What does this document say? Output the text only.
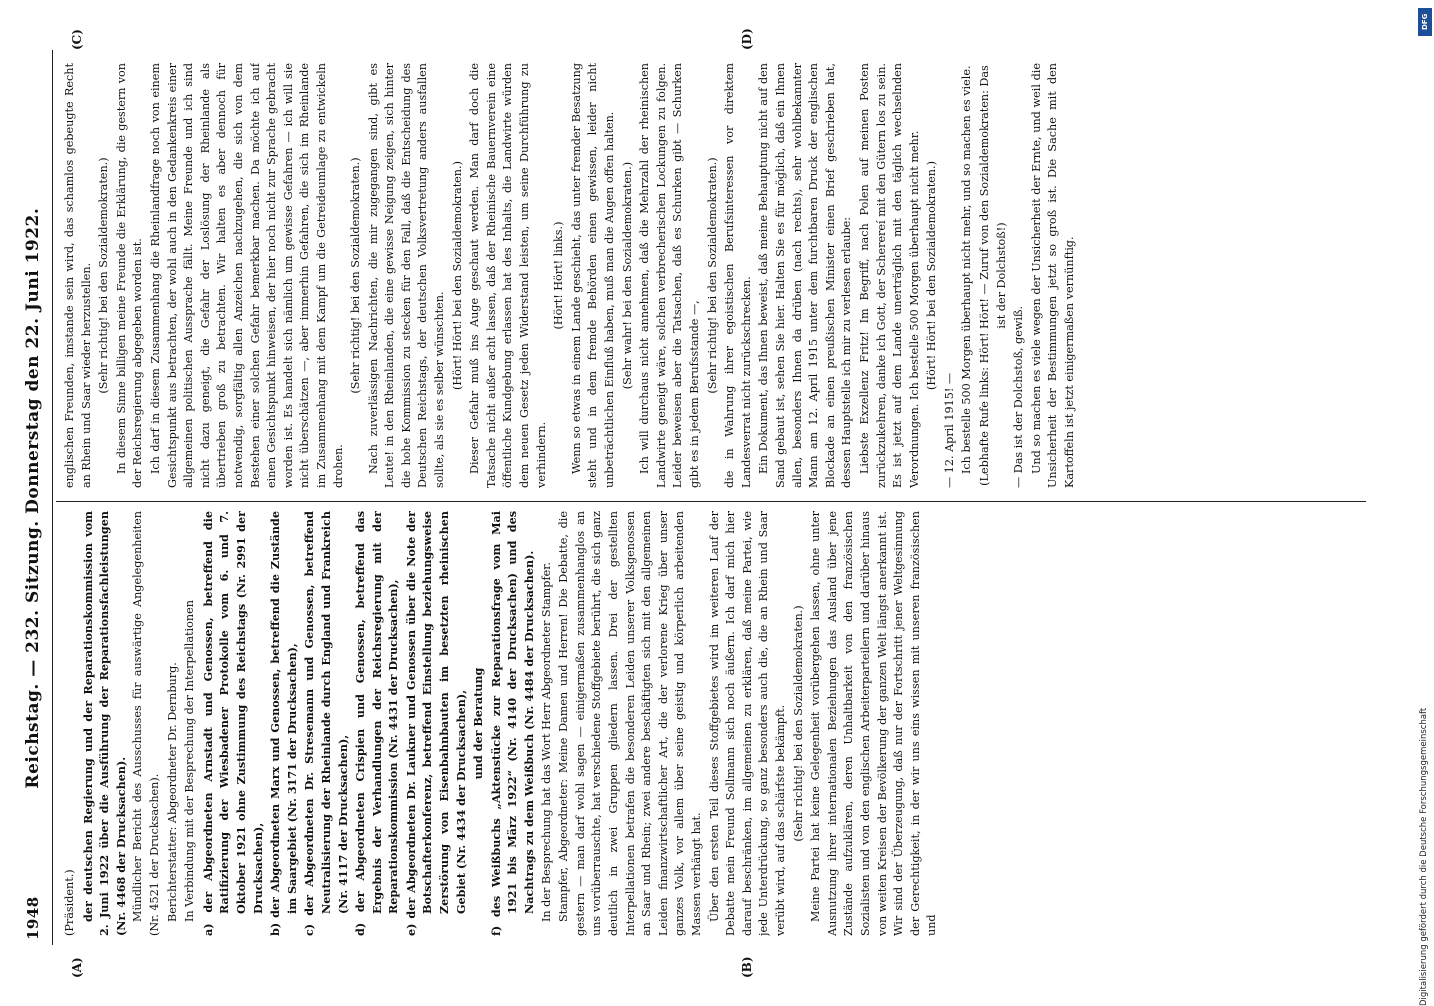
1948
Reichstag. — 232. Sitzung. Donnerstag den 22. Juni 1922.
(A)	(B)
(C)	(D)

(Präsident.) der deutschen Regierung und der Reparationskommission vom 2. Juni 1922 über die Ausführung der Reparationsfachleistungen (Nr. 4468 der Drucksachen). Mündlicher Bericht des Ausschusses für auswärtige Angelegenheiten (Nr. 4521 der Drucksachen). Berichterstatter: Abgeordneter Dr. Dernburg. In Verbindung mit der Besprechung der Interpellationen a) der Abgeordneten Arnstadt und Genossen, betreffend die Ratifizierung der Wiesbadener Protokolle vom 6. und 7. Oktober 1921 ohne Zustimmung des Reichstags (Nr. 2991 der Drucksachen), b) der Abgeordneten Marx und Genossen, betreffend die Zustände im Saargebiet (Nr. 3171 der Drucksachen), c) der Abgeordneten Dr. Stresemann und Genossen, betreffend Neutralisierung der Rheinlande durch England und Frankreich (Nr. 4117 der Drucksachen), d) der Abgeordneten Crispien und Genossen, betreffend das Ergebnis der Verhandlungen der Reichsregierung mit der Reparationskommission (Nr. 4431 der Drucksachen), e) der Abgeordneten Dr. Laukner und Genossen über die Note der Botschafterkonferenz, betreffend Einstellung beziehungsweise Zerstörung von Eisenbahnbauten im besetzten rheinischen Gebiet (Nr. 4434 der Drucksachen), und der Beratung f) des Weißbuchs „Aktenstücke zur Reparationsfrage vom Mai 1921 bis März 1922“ (Nr. 4140 der Drucksachen) und des Nachtrags zu dem Weißbuch (Nr. 4484 der Drucksachen). In der Besprechung hat das Wort Herr Abgeordneter Stampfer. Stampfer, Abgeordneter: Meine Damen und Herren! Die Debatte, die gestern — man darf wohl sagen — einigermaßen zusammenhanglos an uns vorüberrauschte, hat verschiedene Stoffgebiete berührt, die sich ganz deutlich in zwei Gruppen gliedern lassen. Drei der gestellten Interpellationen betrafen die besonderen Leiden unserer Volksgenossen an Saar und Rhein; zwei andere beschäftigten sich mit den allgemeinen Leiden finanzwirtschaftlicher Art, die der verlorene Krieg über unser ganzes Volk, vor allem über seine geistig und körperlich arbeitenden Massen verhängt hat. Über den ersten Teil dieses Stoffgebietes wird im weiteren Lauf der Debatte mein Freund Sollmann sich noch äußern. Ich darf mich hier darauf beschränken, im allgemeinen zu erklären, daß meine Partei, wie jede Unterdrückung, so ganz besonders auch die, die an Rhein und Saar verübt wird, auf das schärfste bekämpft. (Sehr richtig! bei den Sozialdemokraten.) Meine Partei hat keine Gelegenheit vorübergehen lassen, ohne unter Ausnutzung ihrer internationalen Beziehungen das Ausland über jene Zustände aufzuklären, deren Unhaltbarkeit von den französischen Sozialisten und von den englischen Arbeiterparteilern und darüber hinaus von weiten Kreisen der Bevölkerung der ganzen Welt längst anerkannt ist. Wir sind der Überzeugung, daß nur der Fortschritt jener Weltgesinnung der Gerechtigkeit, in der wir uns eins wissen mit unseren französischen und

englischen Freunden, imstande sein wird, das schamlos gebeugte Recht an Rhein und Saar wieder herzustellen. (Sehr richtig! bei den Sozialdemokraten.) In diesem Sinne billigen meine Freunde die Erklärung, die gestern von der Reichsregierung abgegeben worden ist. Ich darf in diesem Zusammenhang die Rheinlandfrage noch von einem Gesichtspunkt aus betrachten, der wohl auch in den Gedankenkreis einer allgemeinen politischen Aussprache fällt. Meine Freunde und ich sind nicht dazu geneigt, die Gefahr der Loslösung der Rheinlande als übertrieben groß zu betrachten. Wir halten es aber dennoch für notwendig, sorgfältig allen Anzeichen nachzugehen, die sich von dem Bestehen einer solchen Gefahr bemerkbar machen. Da möchte ich auf einen Gesichtspunkt hinweisen, der hier noch nicht zur Sprache gebracht worden ist. Es handelt sich nämlich um gewisse Gefahren — ich will sie nicht überschätzen —, aber immerhin Gefahren, die sich im Rheinlande im Zusammenhang mit dem Kampf um die Getreideumlage zu entwickeln drohen.

(Sehr richtig! bei den Sozialdemokraten.) Nach zuverlässigen Nachrichten, die mir zugegangen sind, gibt es Leute! in den Rheinlanden, die eine gewisse Neigung zeigen, sich hinter die hohe Kommission zu stecken für den Fall, daß die Entscheidung des Deutschen Reichstags, der deutschen Volksvertretung anders ausfallen sollte, als sie es selber wünschten. (Hört! Hört! bei den Sozialdemokraten.) Dieser Gefahr muß ins Auge geschaut werden. Man darf doch die Tatsache nicht außer acht lassen, daß der Rheinische Bauernverein eine öffentliche Kundgebung erlassen hat des Inhalts, die Landwirte würden dem neuen Gesetz jeden Widerstand leisten, um seine Durchführung zu verhindern.

(Hört! Hört! links.) Wenn so etwas in einem Lande geschieht, das unter fremder Besatzung steht und in dem fremde Behörden einen gewissen, leider nicht unbeträchtlichen Einfluß haben, muß man die Augen offen halten. (Sehr wahr! bei den Sozialdemokraten.) Ich will durchaus nicht annehmen, daß die Mehrzahl der rheinischen Landwirte geneigt wäre, solchen verbrecherischen Lockungen zu folgen. Leider beweisen aber die Tatsachen, daß es Schurken gibt — Schurken gibt es in jedem Berufsstande —,

(Sehr richtig! bei den Sozialdemokraten.) die in Wahrung ihrer egoistischen Berufsinteressen vor direktem Landesverrat nicht zurückschrecken. Ein Dokument, das Ihnen beweist, daß meine Behauptung nicht auf den Sand gebaut ist, sehen Sie hier. Halten Sie es für möglich, daß ein Ihnen allen, besonders Ihnen da drüben (nach rechts), sehr wohlbekannter Mann am 12. April 1915 unter dem furchtbaren Druck der englischen Blockade an einen preußischen Minister einen Brief geschrieben hat, dessen Hauptstelle ich mir zu verlesen erlaube: Liebste Exzellenz Fritz! Im Begriff, nach Polen auf meinen Posten zurückzukehren, danke ich Gott, der Scherereí mit den Gütern los zu sein. Es ist jetzt auf dem Lande unerträglich mit den täglich wechselnden Verordnungen. Ich bestelle 500 Morgen überhaupt nicht mehr. (Hört! Hört! bei den Sozialdemokraten.)

— 12. April 1915! — Ich bestelle 500 Morgen überhaupt nicht mehr, und so machen es viele. (Lebhafte Rufe links: Hört! Hört! — Zuruf von den Sozialdemokraten: Das ist der Dolchstoß!)

— Das ist der Dolchstoß, gewiß. Und so machen es viele wegen der Unsicherheit der Ernte, und weil die Unsicherheit der Bestimmungen jetzt so groß ist. Die Sache mit den Kartoffeln ist jetzt einigermaßen vernünftig.

Digitalisierung gefördert durch die Deutsche Forschungsgemeinschaft
DFG
